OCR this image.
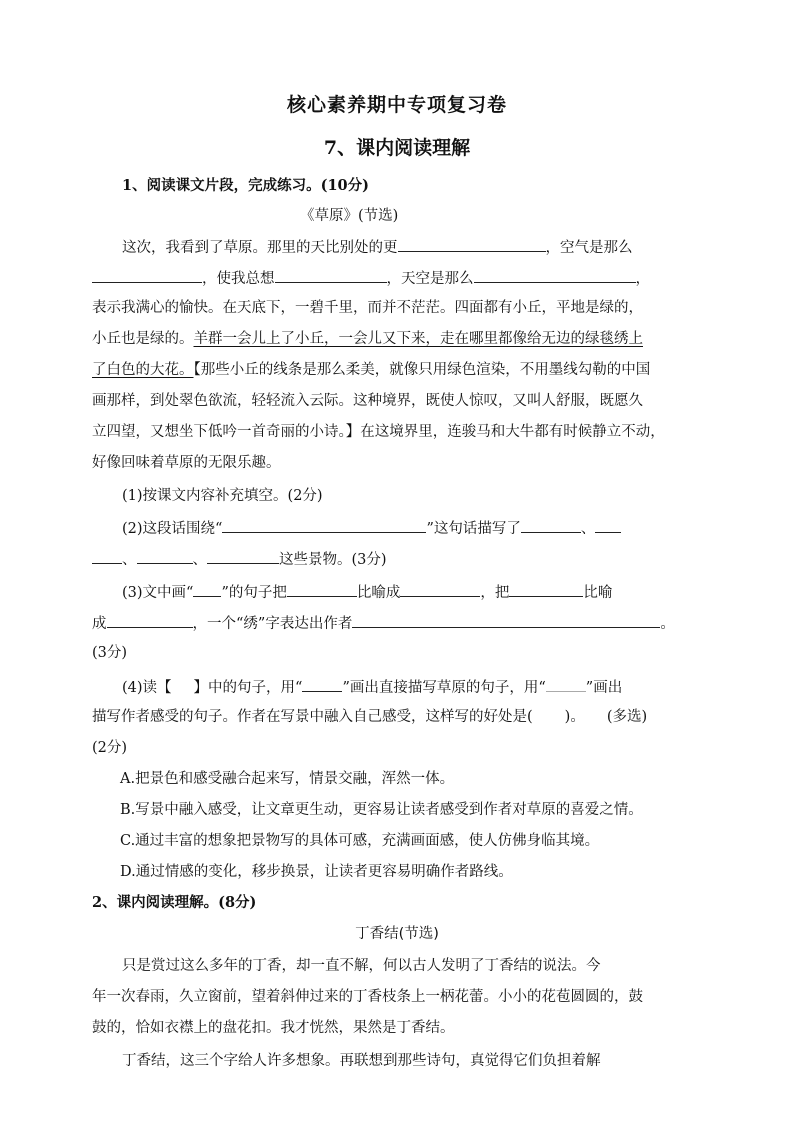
核心素养期中专项复习卷
7、课内阅读理解
1、阅读课文片段，完成练习。(10分)
《草原》(节选)
这次，我看到了草原。那里的天比别处的更	，空气是那么
，使我总想	，天空是那么	，
表示我满心的愉快。在天底下，一碧千里，而并不茫茫。四面都有小丘，平地是绿的，
小丘也是绿的。羊群一会儿上了小丘，一会儿又下来，走在哪里都像给无边的绿毯绣上
了白色的大花。【那些小丘的线条是那么柔美，就像只用绿色渲染，不用墨线勾勒的中国
画那样，到处翠色欲流，轻轻流入云际。这种境界，既使人惊叹，又叫人舒服，既愿久
立四望，又想坐下低吟一首奇丽的小诗。】在这境界里，连骏马和大牛都有时候静立不动，
好像回味着草原的无限乐趣。
(1)按课文内容补充填空。(2分)
(2)这段话围绕“	”这句话描写了	、
、	、	这些景物。(3分)
(3)文中画“ ”的句子把	比喻成	，把	比喻
成	，一个“绣”字表达出作者	。
(3分)
(4)读【 】中的句子，用“	”画出直接描写草原的句子，用“	”画出
描写作者感受的句子。作者在写景中融入自己感受，这样写的好处是( )。 (多选)
(2分)
A.把景色和感受融合起来写，情景交融，浑然一体。
B.写景中融入感受，让文章更生动，更容易让读者感受到作者对草原的喜爱之情。
C.通过丰富的想象把景物写的具体可感，充满画面感，使人仿佛身临其境。
D.通过情感的变化，移步换景，让读者更容易明确作者路线。
2、课内阅读理解。(8分)
丁香结(节选)
只是赏过这么多年的丁香，却一直不解，何以古人发明了丁香结的说法。今
年一次春雨，久立窗前，望着斜伸过来的丁香枝条上一柄花蕾。小小的花苞圆圆的，鼓
鼓的，恰如衣襟上的盘花扣。我才恍然，果然是丁香结。
丁香结，这三个字给人许多想象。再联想到那些诗句，真觉得它们负担着解
